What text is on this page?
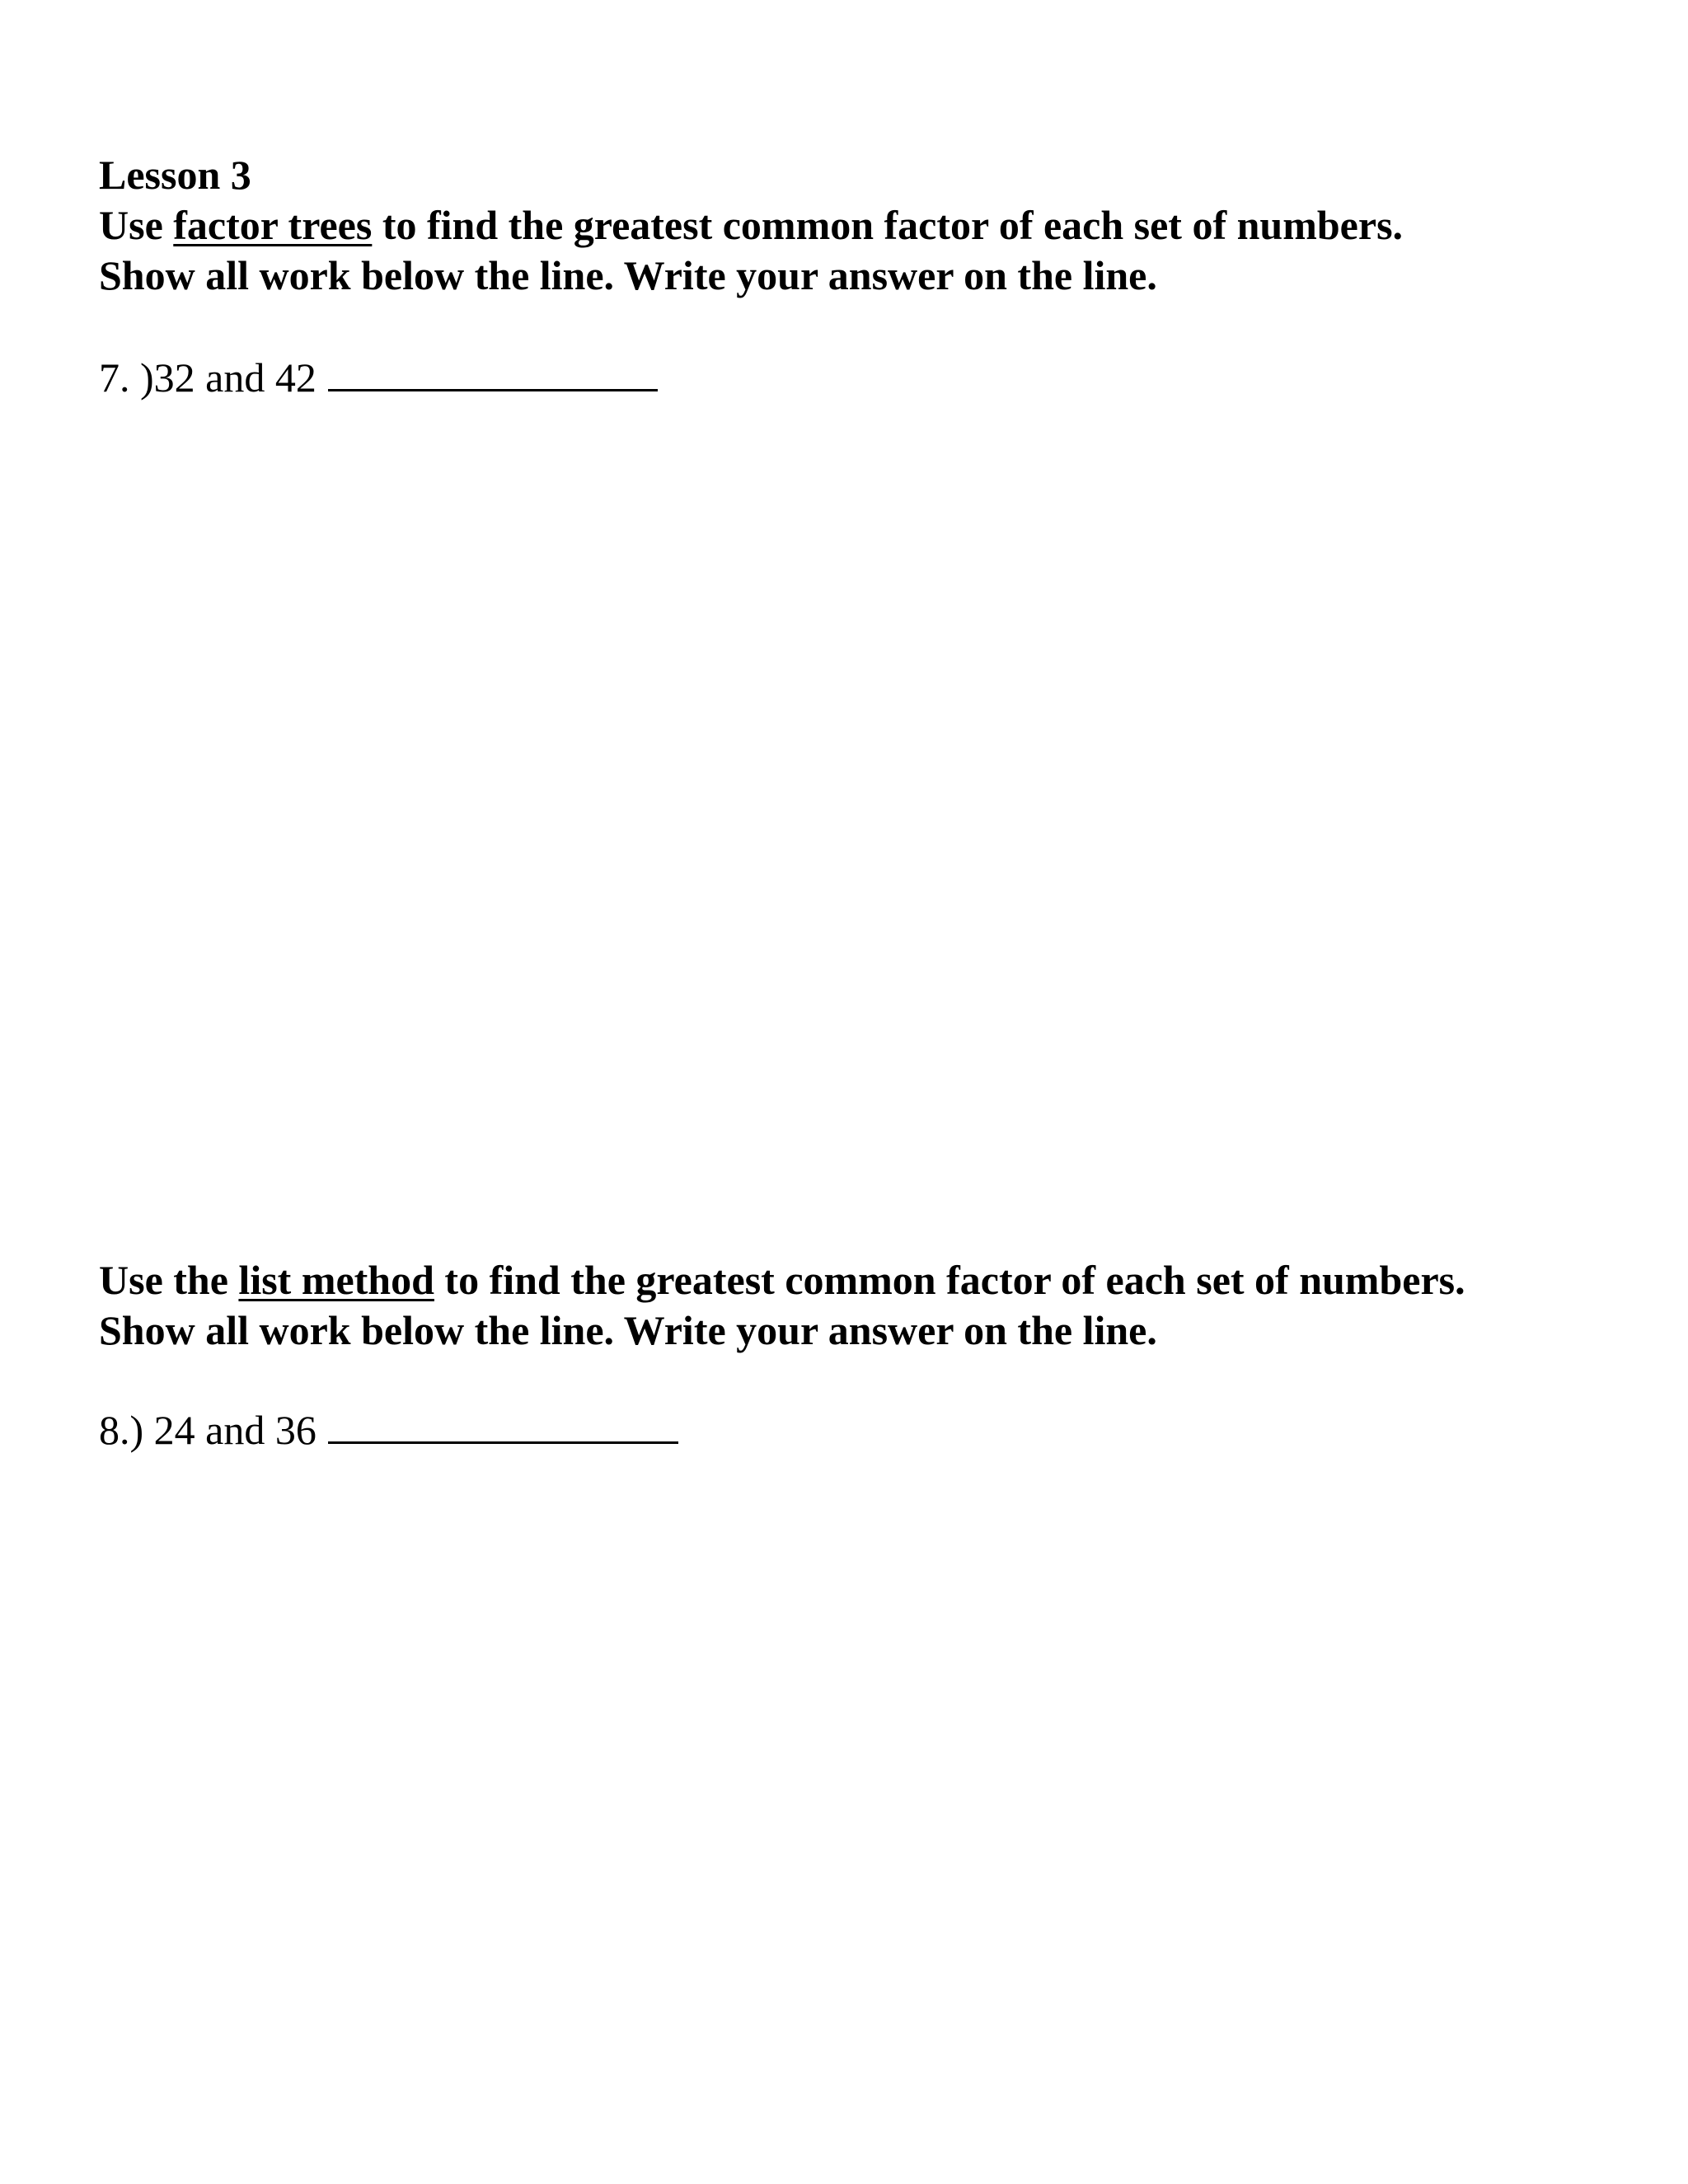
Lesson 3
Use factor trees to find the greatest common factor of each set of numbers.
Show all work below the line. Write your answer on the line.
7. )32 and 42
Use the list method to find the greatest common factor of each set of numbers.
Show all work below the line. Write your answer on the line.
8.) 24 and 36
